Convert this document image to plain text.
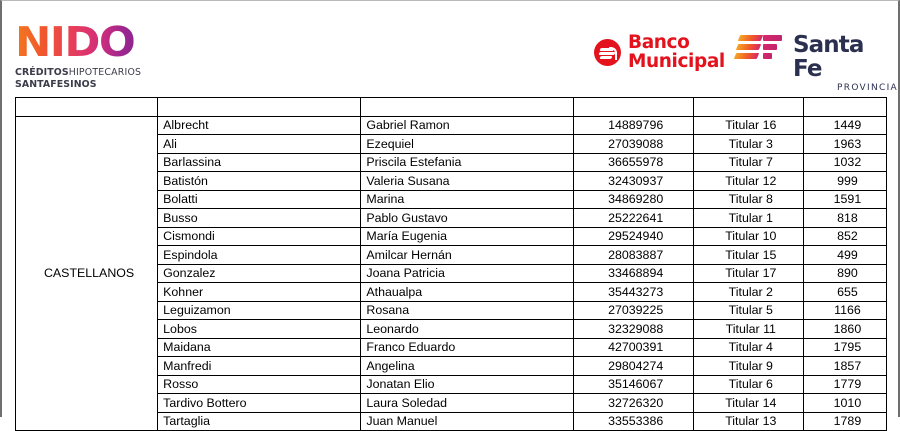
NIDO
CRÉDITOSHIPOTECARIOS
SANTAFESINOS
Banco
Municipal
Santa Fe
PROVINCIA

CASTELLANOS	Albrecht	Gabriel Ramon	14889796	Titular 16	1449
	Ali	Ezequiel	27039088	Titular 3	1963
	Barlassina	Priscila Estefania	36655978	Titular 7	1032
	Batistón	Valeria Susana	32430937	Titular 12	999
	Bolatti	Marina	34869280	Titular 8	1591
	Busso	Pablo Gustavo	25222641	Titular 1	818
	Cismondi	María Eugenia	29524940	Titular 10	852
	Espindola	Amilcar Hernán	28083887	Titular 15	499
	Gonzalez	Joana Patricia	33468894	Titular 17	890
	Kohner	Athaualpa	35443273	Titular 2	655
	Leguizamon	Rosana	27039225	Titular 5	1166
	Lobos	Leonardo	32329088	Titular 11	1860
	Maidana	Franco Eduardo	42700391	Titular 4	1795
	Manfredi	Angelina	29804274	Titular 9	1857
	Rosso	Jonatan Elio	35146067	Titular 6	1779
	Tardivo Bottero	Laura Soledad	32726320	Titular 14	1010
	Tartaglia	Juan Manuel	33553386	Titular 13	1789
